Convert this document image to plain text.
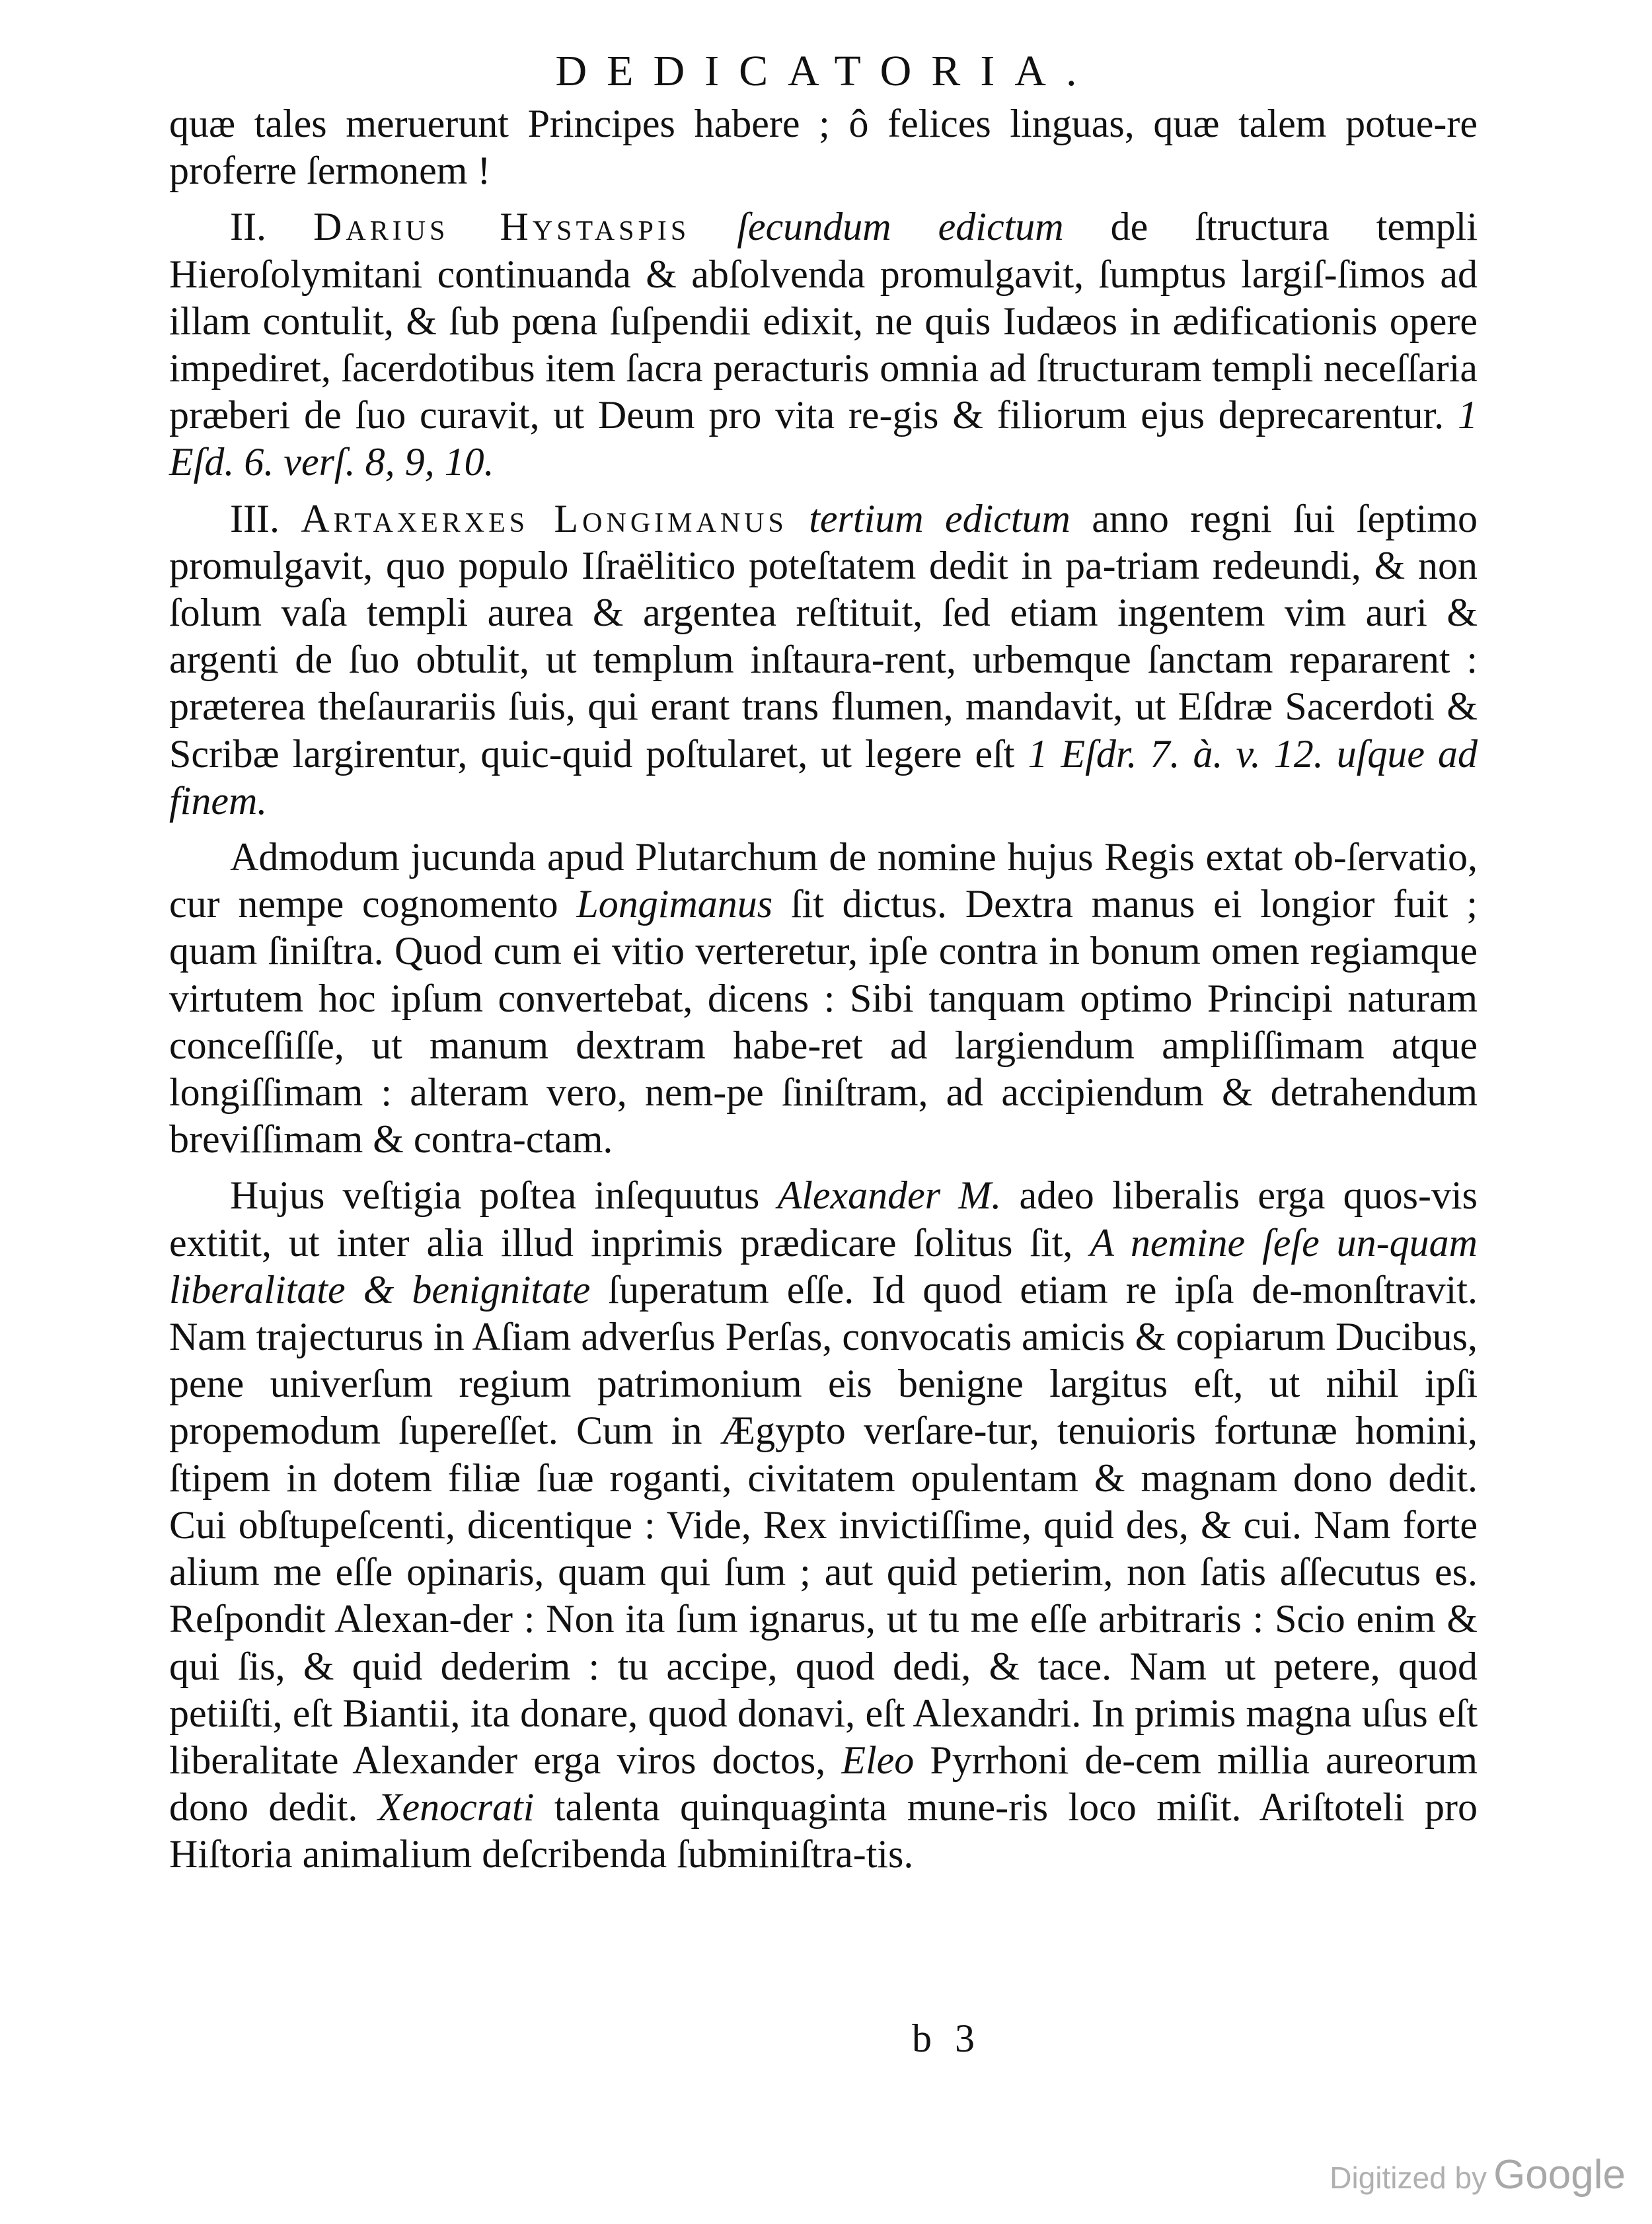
DEDICATORIA.

quæ tales meruerunt Principes habere ; ô felices linguas, quæ talem potue-re proferre ſermonem !

II. Darius Hystaspis ſecundum edictum de ſtructura templi Hieroſolymitani continuanda & abſolvenda promulgavit, ſumptus largiſ-ſimos ad illam contulit, & ſub pœna ſuſpendii edixit, ne quis Iudæos in ædificationis opere impediret, ſacerdotibus item ſacra peracturis omnia ad ſtructuram templi neceſſaria præberi de ſuo curavit, ut Deum pro vita re-gis & filiorum ejus deprecarentur. 1 Eſd. 6. verſ. 8, 9, 10.

III. Artaxerxes Longimanus tertium edictum anno regni ſui ſeptimo promulgavit, quo populo Iſraëlitico poteſtatem dedit in pa-triam redeundi, & non ſolum vaſa templi aurea & argentea reſtituit, ſed etiam ingentem vim auri & argenti de ſuo obtulit, ut templum inſtaura-rent, urbemque ſanctam repararent : præterea theſaurariis ſuis, qui erant trans flumen, mandavit, ut Eſdræ Sacerdoti & Scribæ largirentur, quic-quid poſtularet, ut legere eſt 1 Eſdr. 7. à. v. 12. uſque ad finem.

Admodum jucunda apud Plutarchum de nomine hujus Regis extat ob-ſervatio, cur nempe cognomento Longimanus ſit dictus. Dextra manus ei longior fuit ; quam ſiniſtra. Quod cum ei vitio verteretur, ipſe contra in bonum omen regiamque virtutem hoc ipſum convertebat, dicens : Sibi tanquam optimo Principi naturam conceſſiſſe, ut manum dextram habe-ret ad largiendum ampliſſimam atque longiſſimam : alteram vero, nem-pe ſiniſtram, ad accipiendum & detrahendum breviſſimam & contra-ctam.

Hujus veſtigia poſtea inſequutus Alexander M. adeo liberalis erga quos-vis extitit, ut inter alia illud inprimis prædicare ſolitus ſit, A nemine ſeſe un-quam liberalitate & benignitate ſuperatum eſſe. Id quod etiam re ipſa de-monſtravit. Nam trajecturus in Aſiam adverſus Perſas, convocatis amicis & copiarum Ducibus, pene univerſum regium patrimonium eis benigne largitus eſt, ut nihil ipſi propemodum ſupereſſet. Cum in Ægypto verſare-tur, tenuioris fortunæ homini, ſtipem in dotem filiæ ſuæ roganti, civitatem opulentam & magnam dono dedit. Cui obſtupeſcenti, dicentique : Vide, Rex invictiſſime, quid des, & cui. Nam forte alium me eſſe opinaris, quam qui ſum ; aut quid petierim, non ſatis aſſecutus es. Reſpondit Alexan-der : Non ita ſum ignarus, ut tu me eſſe arbitraris : Scio enim & qui ſis, & quid dederim : tu accipe, quod dedi, & tace. Nam ut petere, quod petiiſti, eſt Biantii, ita donare, quod donavi, eſt Alexandri. In primis magna uſus eſt liberalitate Alexander erga viros doctos, Eleo Pyrrhoni de-cem millia aureorum dono dedit. Xenocrati talenta quinquaginta mune-ris loco miſit. Ariſtoteli pro Hiſtoria animalium deſcribenda ſubminiſtra-tis.

b 3
Digitized by Google
